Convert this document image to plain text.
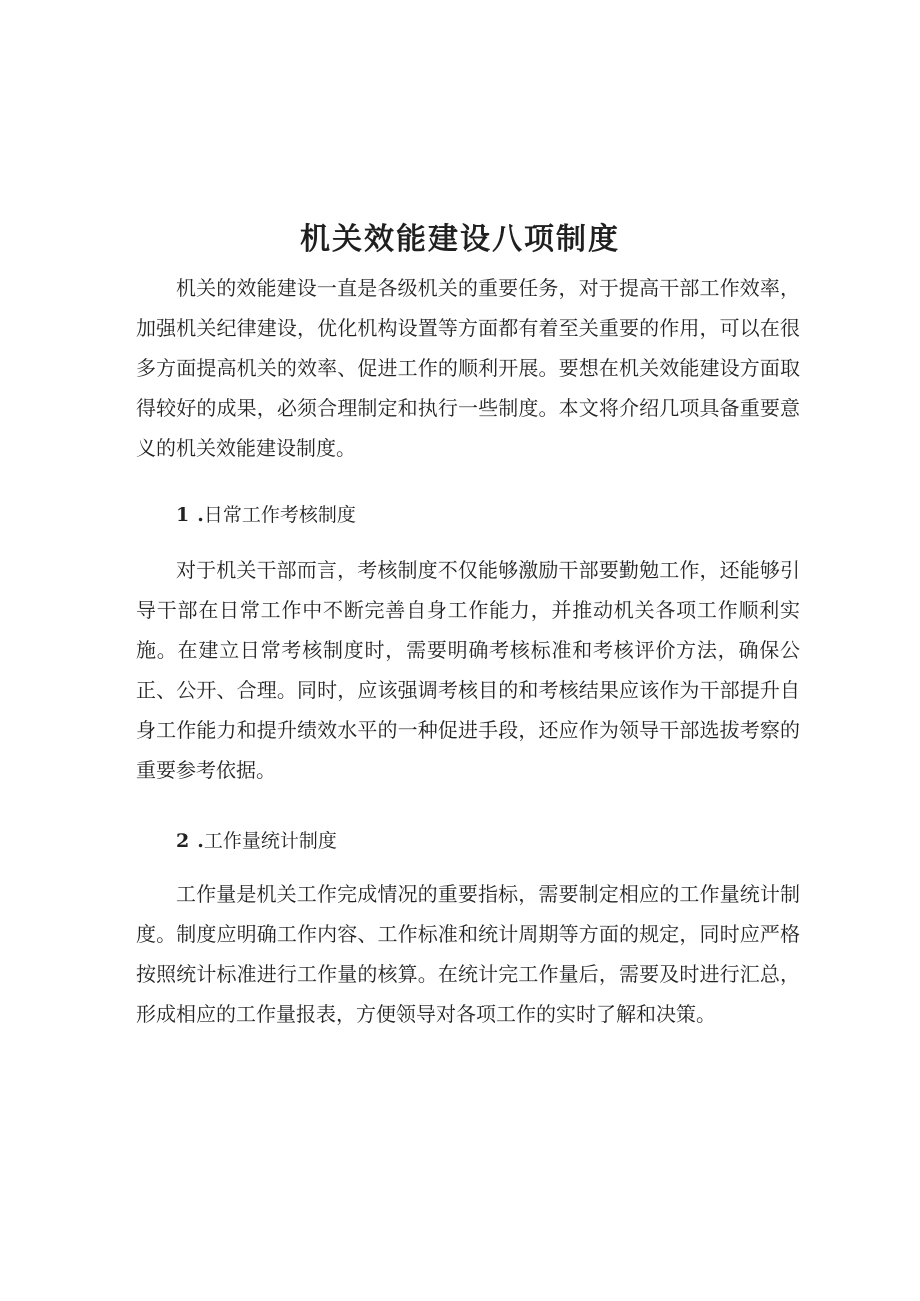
机关效能建设八项制度

机关的效能建设一直是各级机关的重要任务，对于提高干部工作效率，加强机关纪律建设，优化机构设置等方面都有着至关重要的作用，可以在很多方面提高机关的效率、促进工作的顺利开展。要想在机关效能建设方面取得较好的成果，必须合理制定和执行一些制度。本文将介绍几项具备重要意义的机关效能建设制度。

1 .日常工作考核制度

对于机关干部而言，考核制度不仅能够激励干部要勤勉工作，还能够引导干部在日常工作中不断完善自身工作能力，并推动机关各项工作顺利实施。在建立日常考核制度时，需要明确考核标准和考核评价方法，确保公正、公开、合理。同时，应该强调考核目的和考核结果应该作为干部提升自身工作能力和提升绩效水平的一种促进手段，还应作为领导干部选拔考察的重要参考依据。

2 .工作量统计制度

工作量是机关工作完成情况的重要指标，需要制定相应的工作量统计制度。制度应明确工作内容、工作标准和统计周期等方面的规定，同时应严格按照统计标准进行工作量的核算。在统计完工作量后，需要及时进行汇总，形成相应的工作量报表，方便领导对各项工作的实时了解和决策。
